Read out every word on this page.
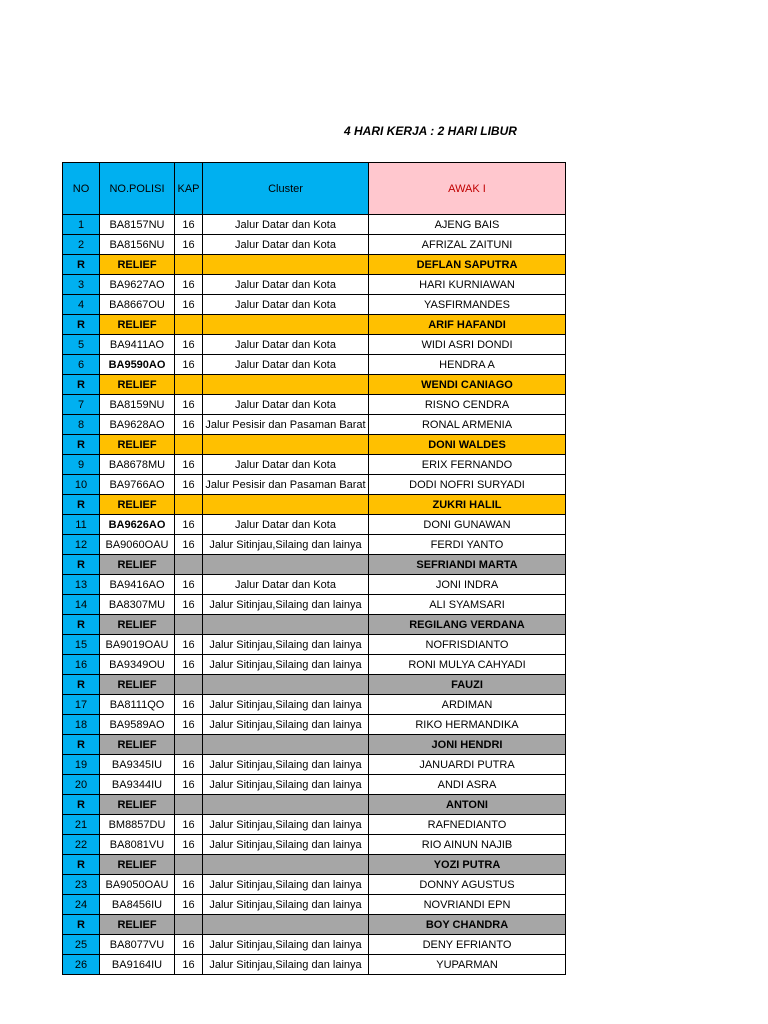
4 HARI KERJA : 2 HARI LIBUR
NO	NO.POLISI	KAP	Cluster	AWAK I
1	BA8157NU	16	Jalur Datar dan Kota	AJENG BAIS
2	BA8156NU	16	Jalur Datar dan Kota	AFRIZAL ZAITUNI
R	RELIEF			DEFLAN SAPUTRA
3	BA9627AO	16	Jalur Datar dan Kota	HARI KURNIAWAN
4	BA8667OU	16	Jalur Datar dan Kota	YASFIRMANDES
R	RELIEF			ARIF HAFANDI
5	BA9411AO	16	Jalur Datar dan Kota	WIDI ASRI DONDI
6	BA9590AO	16	Jalur Datar dan Kota	HENDRA A
R	RELIEF			WENDI CANIAGO
7	BA8159NU	16	Jalur Datar dan Kota	RISNO CENDRA
8	BA9628AO	16	Jalur Pesisir dan Pasaman Barat	RONAL ARMENIA
R	RELIEF			DONI WALDES
9	BA8678MU	16	Jalur Datar dan Kota	ERIX FERNANDO
10	BA9766AO	16	Jalur Pesisir dan Pasaman Barat	DODI NOFRI SURYADI
R	RELIEF			ZUKRI HALIL
11	BA9626AO	16	Jalur Datar dan Kota	DONI GUNAWAN
12	BA9060OAU	16	Jalur Sitinjau,Silaing dan lainya	FERDI YANTO
R	RELIEF			SEFRIANDI MARTA
13	BA9416AO	16	Jalur Datar dan Kota	JONI INDRA
14	BA8307MU	16	Jalur Sitinjau,Silaing dan lainya	ALI SYAMSARI
R	RELIEF			REGILANG VERDANA
15	BA9019OAU	16	Jalur Sitinjau,Silaing dan lainya	NOFRISDIANTO
16	BA9349OU	16	Jalur Sitinjau,Silaing dan lainya	RONI MULYA CAHYADI
R	RELIEF			FAUZI
17	BA8111QO	16	Jalur Sitinjau,Silaing dan lainya	ARDIMAN
18	BA9589AO	16	Jalur Sitinjau,Silaing dan lainya	RIKO HERMANDIKA
R	RELIEF			JONI HENDRI
19	BA9345IU	16	Jalur Sitinjau,Silaing dan lainya	JANUARDI PUTRA
20	BA9344IU	16	Jalur Sitinjau,Silaing dan lainya	ANDI ASRA
R	RELIEF			ANTONI
21	BM8857DU	16	Jalur Sitinjau,Silaing dan lainya	RAFNEDIANTO
22	BA8081VU	16	Jalur Sitinjau,Silaing dan lainya	RIO AINUN NAJIB
R	RELIEF			YOZI PUTRA
23	BA9050OAU	16	Jalur Sitinjau,Silaing dan lainya	DONNY AGUSTUS
24	BA8456IU	16	Jalur Sitinjau,Silaing dan lainya	NOVRIANDI EPN
R	RELIEF			BOY CHANDRA
25	BA8077VU	16	Jalur Sitinjau,Silaing dan lainya	DENY EFRIANTO
26	BA9164IU	16	Jalur Sitinjau,Silaing dan lainya	YUPARMAN
